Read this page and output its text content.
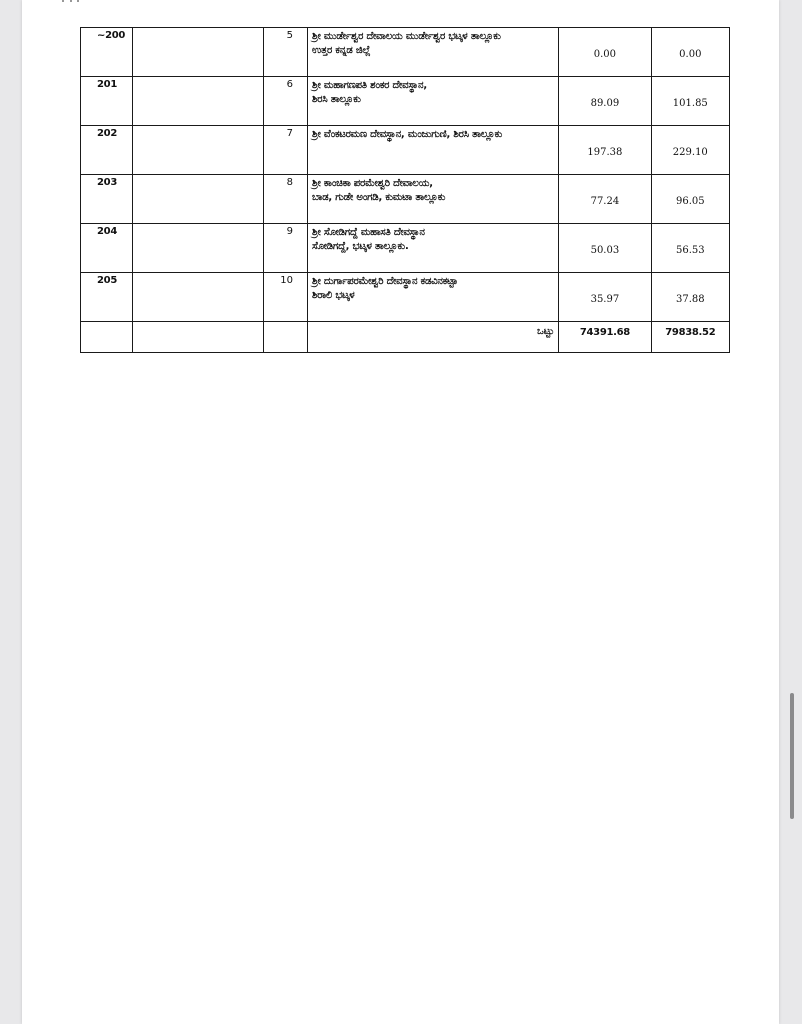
~200		5	ಶ್ರೀ ಮುರ್ಡೇಶ್ವರ ದೇವಾಲಯ ಮುರ್ಡೇಶ್ವರ ಭಟ್ಕಳ ತಾಲ್ಲೂಕು
ಉತ್ತರ ಕನ್ನಡ ಜಿಲ್ಲೆ	0.00	0.00
201		6	ಶ್ರೀ ಮಹಾಗಣಪತಿ ಶಂಕರ ದೇವಸ್ಥಾನ,
ಶಿರಸಿ ತಾಲ್ಲೂಕು	89.09	101.85
202		7	ಶ್ರೀ ವೆಂಕಟರಮಣ ದೇವಸ್ಥಾನ, ಮಂಜುಗುಣಿ, ಶಿರಸಿ ತಾಲ್ಲೂಕು	197.38	229.10
203		8	ಶ್ರೀ ಕಾಂಚಿಕಾ ಪರಮೇಶ್ವರಿ ದೇವಾಲಯ,
ಬಾಡ, ಗುಡೇ ಅಂಗಡಿ, ಕುಮಟಾ ತಾಲ್ಲೂಕು	77.24	96.05
204		9	ಶ್ರೀ ಸೋಡಿಗದ್ದೆ ಮಹಾಸತಿ ದೇವಸ್ಥಾನ
ಸೋಡಿಗದ್ದೆ, ಭಟ್ಕಳ ತಾಲ್ಲೂಕು.	50.03	56.53
205		10	ಶ್ರೀ ದುರ್ಗಾಪರಮೇಶ್ವರಿ ದೇವಸ್ಥಾನ ಕಡವಿನಕಟ್ಟಾ
ಶಿರಾಲಿ ಭಟ್ಕಳ	35.97	37.88
			ಒಟ್ಟು	74391.68	79838.52
